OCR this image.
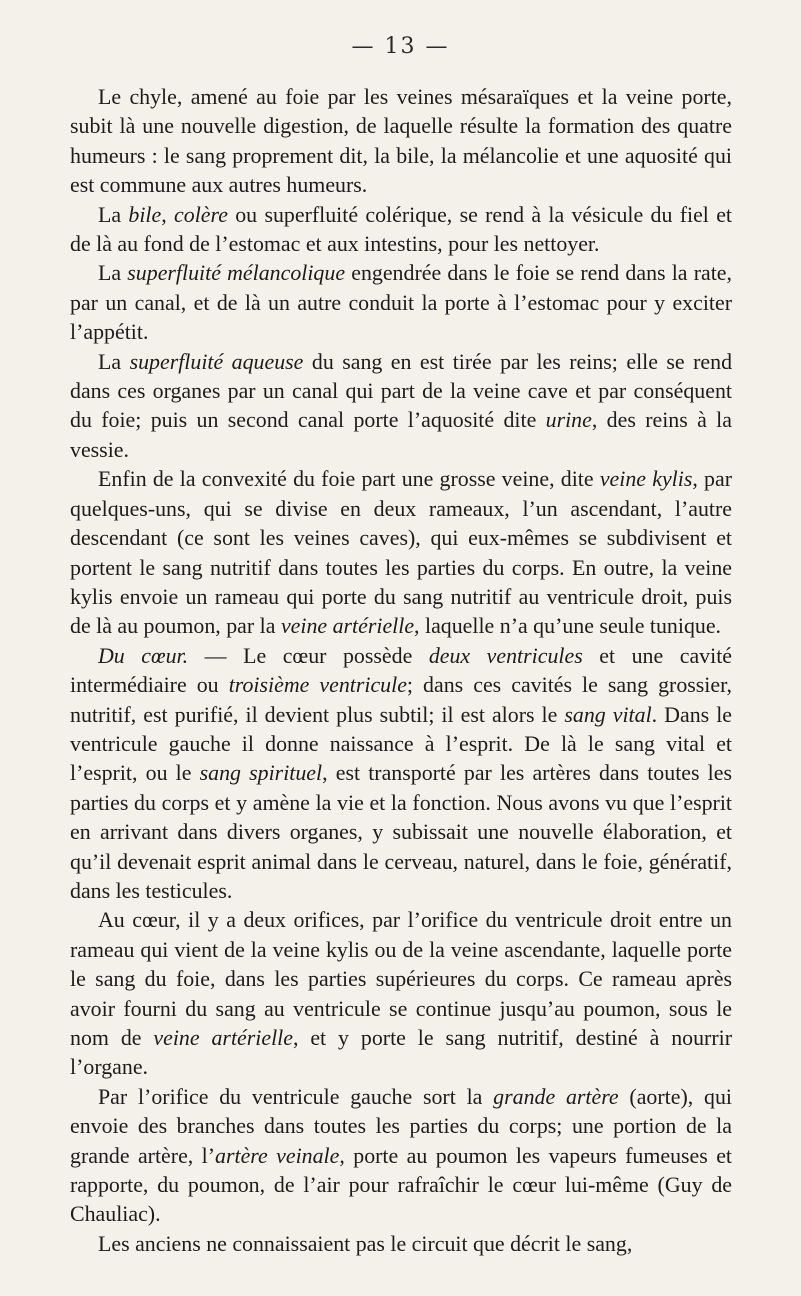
— 13 —

Le chyle, amené au foie par les veines mésaraïques et la veine porte, subit là une nouvelle digestion, de laquelle résulte la formation des quatre humeurs : le sang proprement dit, la bile, la mélancolie et une aquosité qui est commune aux autres humeurs.

La bile, colère ou superfluité colérique, se rend à la vésicule du fiel et de là au fond de l’estomac et aux intestins, pour les nettoyer.

La superfluité mélancolique engendrée dans le foie se rend dans la rate, par un canal, et de là un autre conduit la porte à l’estomac pour y exciter l’appétit.

La superfluité aqueuse du sang en est tirée par les reins; elle se rend dans ces organes par un canal qui part de la veine cave et par conséquent du foie; puis un second canal porte l’aquosité dite urine, des reins à la vessie.

Enfin de la convexité du foie part une grosse veine, dite veine kylis, par quelques-uns, qui se divise en deux rameaux, l’un ascendant, l’autre descendant (ce sont les veines caves), qui eux-mêmes se subdivisent et portent le sang nutritif dans toutes les parties du corps. En outre, la veine kylis envoie un rameau qui porte du sang nutritif au ventricule droit, puis de là au poumon, par la veine artérielle, laquelle n’a qu’une seule tunique.

Du cœur. — Le cœur possède deux ventricules et une cavité intermédiaire ou troisième ventricule; dans ces cavités le sang grossier, nutritif, est purifié, il devient plus subtil; il est alors le sang vital. Dans le ventricule gauche il donne naissance à l’esprit. De là le sang vital et l’esprit, ou le sang spirituel, est transporté par les artères dans toutes les parties du corps et y amène la vie et la fonction. Nous avons vu que l’esprit en arrivant dans divers organes, y subissait une nouvelle élaboration, et qu’il devenait esprit animal dans le cerveau, naturel, dans le foie, génératif, dans les testicules.

Au cœur, il y a deux orifices, par l’orifice du ventricule droit entre un rameau qui vient de la veine kylis ou de la veine ascendante, laquelle porte le sang du foie, dans les parties supérieures du corps. Ce rameau après avoir fourni du sang au ventricule se continue jusqu’au poumon, sous le nom de veine artérielle, et y porte le sang nutritif, destiné à nourrir l’organe.

Par l’orifice du ventricule gauche sort la grande artère (aorte), qui envoie des branches dans toutes les parties du corps; une portion de la grande artère, l’artère veinale, porte au poumon les vapeurs fumeuses et rapporte, du poumon, de l’air pour rafraîchir le cœur lui-même (Guy de Chauliac).

Les anciens ne connaissaient pas le circuit que décrit le sang,
